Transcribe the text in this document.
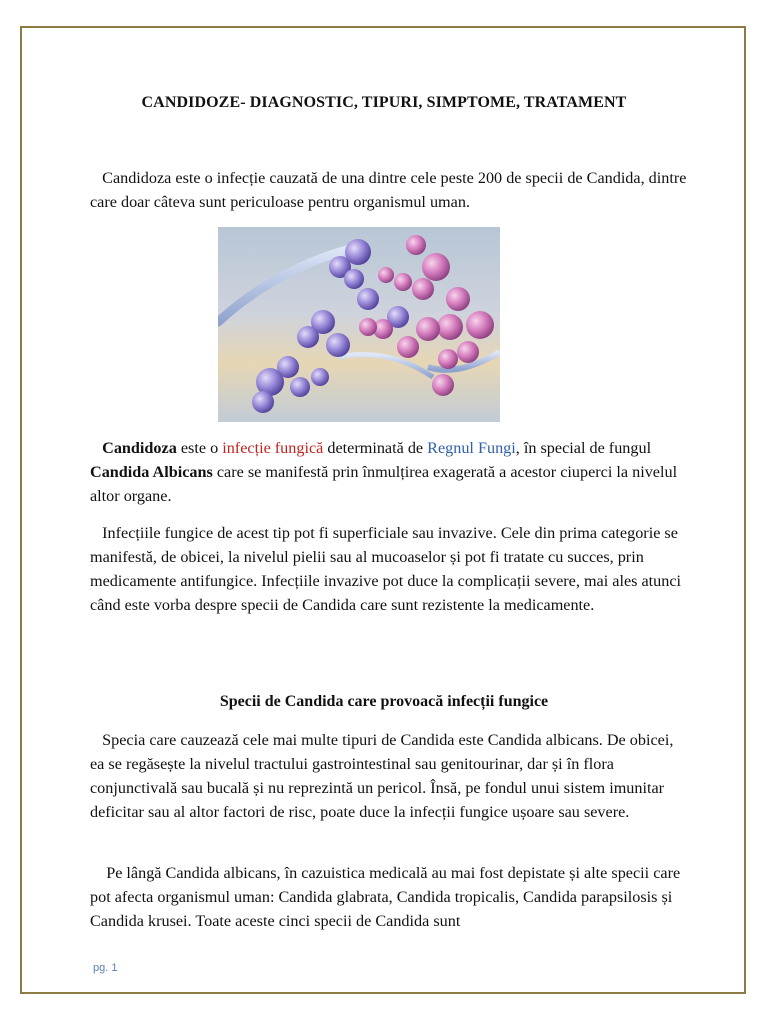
CANDIDOZE- DIAGNOSTIC, TIPURI, SIMPTOME, TRATAMENT

Candidoza este o infecție cauzată de una dintre cele peste 200 de specii de Candida, dintre care doar câteva sunt periculoase pentru organismul uman.

Candidoza este o infecție fungică determinată de Regnul Fungi, în special de fungul Candida Albicans care se manifestă prin înmulțirea exagerată a acestor ciuperci la nivelul altor organe.

Infecțiile fungice de acest tip pot fi superficiale sau invazive. Cele din prima categorie se manifestă, de obicei, la nivelul pielii sau al mucoaselor și pot fi tratate cu succes, prin medicamente antifungice. Infecțiile invazive pot duce la complicații severe, mai ales atunci când este vorba despre specii de Candida care sunt rezistente la medicamente.

Specii de Candida care provoacă infecții fungice

Specia care cauzează cele mai multe tipuri de Candida este Candida albicans. De obicei, ea se regăsește la nivelul tractului gastrointestinal sau genitourinar, dar și în flora conjunctivală sau bucală și nu reprezintă un pericol. Însă, pe fondul unui sistem imunitar deficitar sau al altor factori de risc, poate duce la infecții fungice ușoare sau severe.

Pe lângă Candida albicans, în cazuistica medicală au mai fost depistate și alte specii care pot afecta organismul uman: Candida glabrata, Candida tropicalis, Candida parapsilosis și Candida krusei. Toate aceste cinci specii de Candida sunt

pg. 1
